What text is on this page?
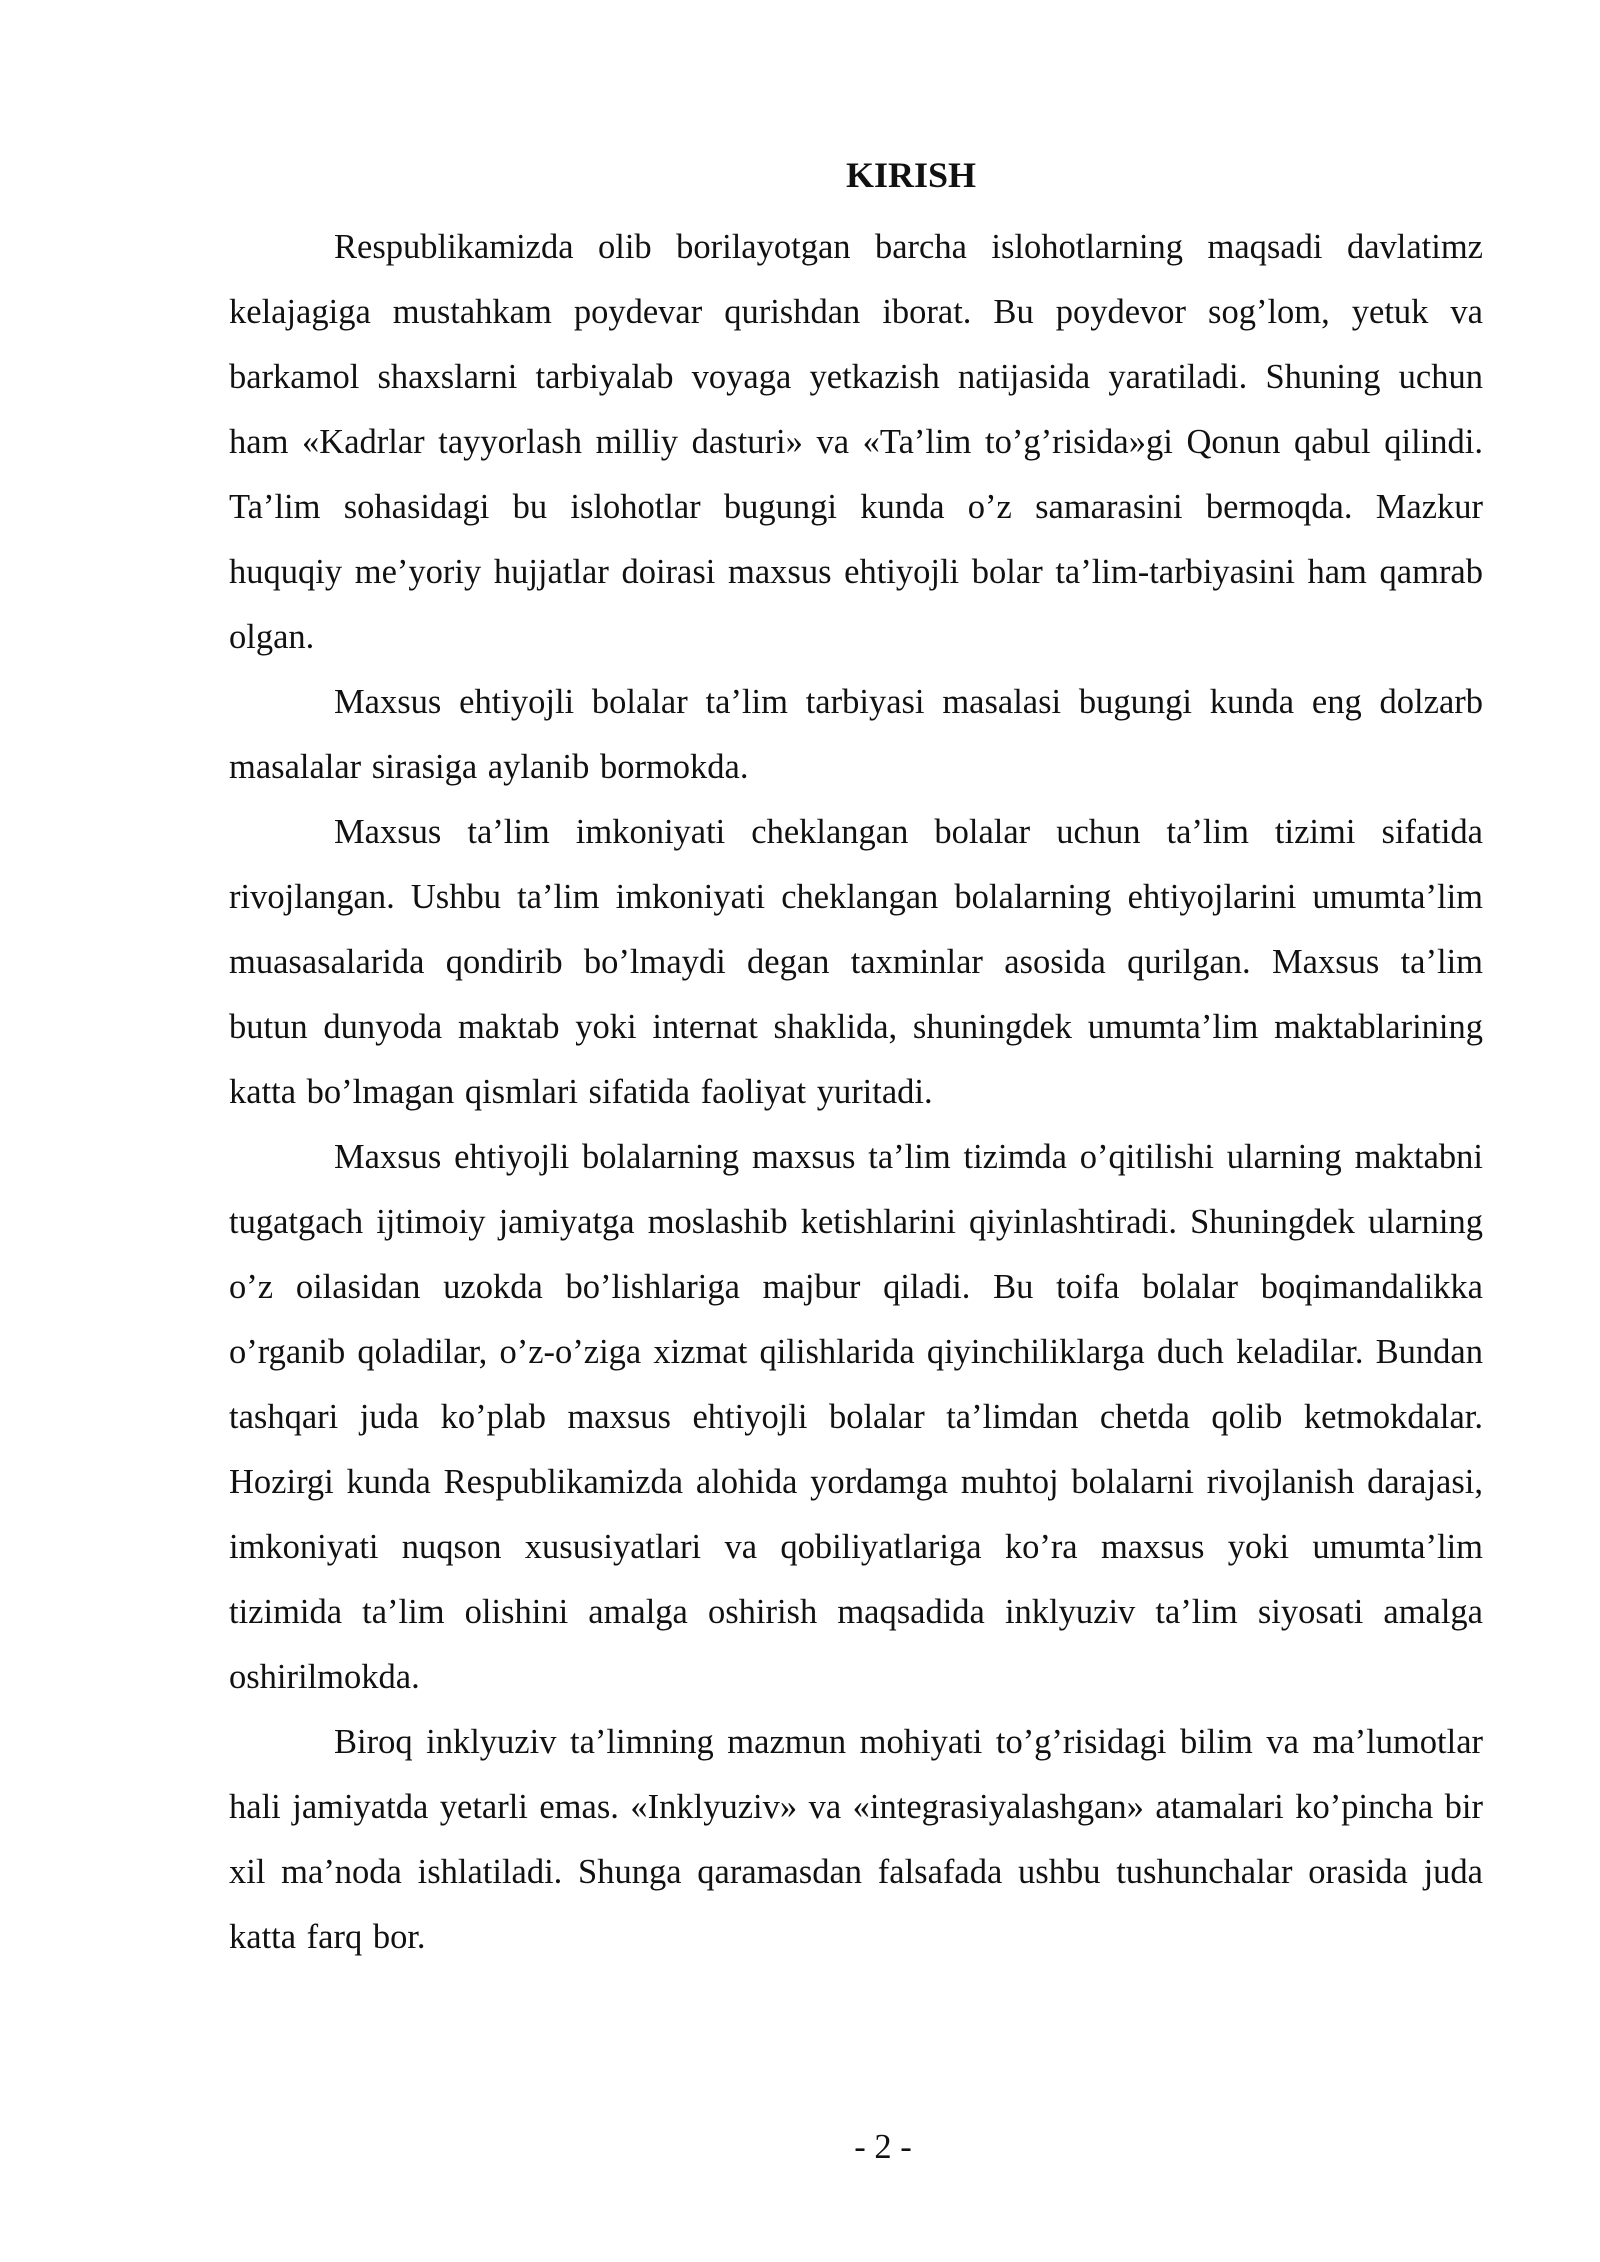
KIRISH

Respublikamizda olib borilayotgan barcha islohotlarning maqsadi davlatimz kelajagiga mustahkam poydevar qurishdan iborat. Bu poydevor sog’lom, yetuk va barkamol shaxslarni tarbiyalab voyaga yetkazish natijasida yaratiladi. Shuning uchun ham «Kadrlar tayyorlash milliy dasturi» va «Ta’lim to’g’risida»gi Qonun qabul qilindi. Ta’lim sohasidagi bu islohotlar bugungi kunda o’z samarasini bermoqda. Mazkur huquqiy me’yoriy hujjatlar doirasi maxsus ehtiyojli bolar ta’lim-tarbiyasini ham qamrab olgan.

Maxsus ehtiyojli bolalar ta’lim tarbiyasi masalasi bugungi kunda eng dolzarb masalalar sirasiga aylanib bormokda.

Maxsus ta’lim imkoniyati cheklangan bolalar uchun ta’lim tizimi sifatida rivojlangan. Ushbu ta’lim imkoniyati cheklangan bolalarning ehtiyojlarini umumta’lim muasasalarida qondirib bo’lmaydi degan taxminlar asosida qurilgan. Maxsus ta’lim butun dunyoda maktab yoki internat shaklida, shuningdek umumta’lim maktablarining katta bo’lmagan qismlari sifatida faoliyat yuritadi.

Maxsus ehtiyojli bolalarning maxsus ta’lim tizimda o’qitilishi ularning maktabni tugatgach ijtimoiy jamiyatga moslashib ketishlarini qiyinlashtiradi. Shuningdek ularning o’z oilasidan uzokda bo’lishlariga majbur qiladi. Bu toifa bolalar boqimandalikka o’rganib qoladilar, o’z-o’ziga xizmat qilishlarida qiyinchiliklarga duch keladilar. Bundan tashqari juda ko’plab maxsus ehtiyojli bolalar ta’limdan chetda qolib ketmokdalar. Hozirgi kunda Respublikamizda alohida yordamga muhtoj bolalarni rivojlanish darajasi, imkoniyati nuqson xususiyatlari va qobiliyatlariga ko’ra maxsus yoki umumta’lim tizimida ta’lim olishini amalga oshirish maqsadida inklyuziv ta’lim siyosati amalga oshirilmokda.

Biroq inklyuziv ta’limning mazmun mohiyati to’g’risidagi bilim va ma’lumotlar hali jamiyatda yetarli emas. «Inklyuziv» va «integrasiyalashgan» atamalari ko’pincha bir xil ma’noda ishlatiladi. Shunga qaramasdan falsafada ushbu tushunchalar orasida juda katta farq bor.

- 2 -
